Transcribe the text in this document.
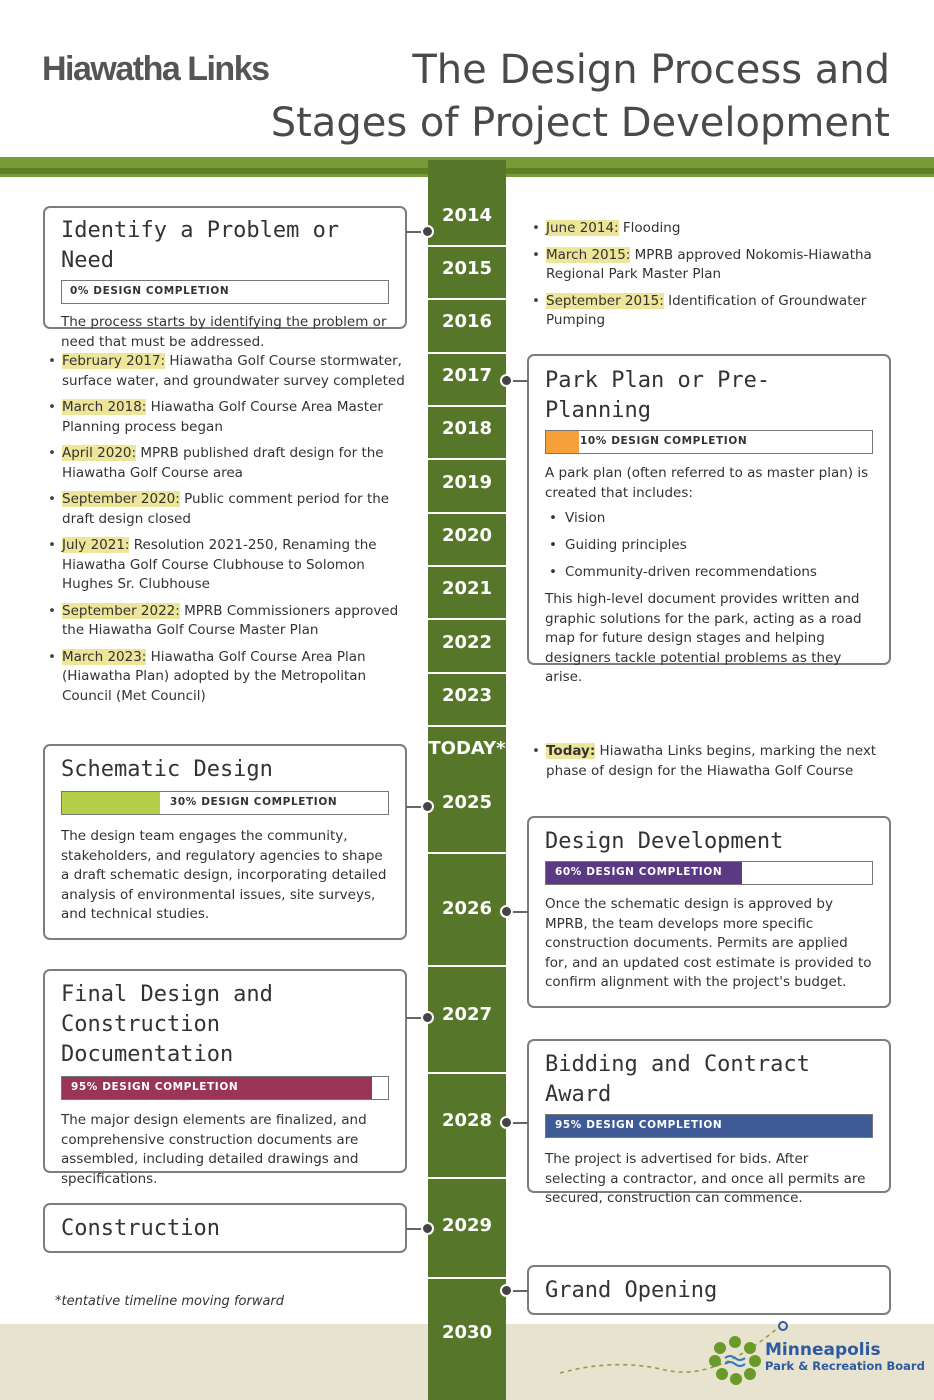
Hiawatha Links	The Design Process and
Stages of Project Development
2014
2015
2016
2017
2018
2019
2020
2021
2022
2023
TODAY*
2025
2026
2027
2028
2029
2030
Identify a Problem or Need
0% DESIGN COMPLETION

The process starts by identifying the problem or need that must be addressed.

• June 2014: Flooding
• March 2015: MPRB approved Nokomis-Hiawatha Regional Park Master Plan
• September 2015: Identification of Groundwater Pumping
• February 2017: Hiawatha Golf Course stormwater, surface water, and groundwater survey completed
• March 2018: Hiawatha Golf Course Area Master Planning process began
• April 2020: MPRB published draft design for the Hiawatha Golf Course area
• September 2020: Public comment period for the draft design closed
• July 2021: Resolution 2021-250, Renaming the Hiawatha Golf Course Clubhouse to Solomon Hughes Sr. Clubhouse
• September 2022: MPRB Commissioners approved the Hiawatha Golf Course Master Plan
• March 2023: Hiawatha Golf Course Area Plan (Hiawatha Plan) adopted by the Metropolitan Council (Met Council)
Park Plan or Pre-Planning
10% DESIGN COMPLETION

A park plan (often referred to as master plan) is created that includes:

• Vision
• Guiding principles
• Community-driven recommendations

This high-level document provides written and graphic solutions for the park, acting as a road map for future design stages and helping designers tackle potential problems as they arise.

• Today: Hiawatha Links begins, marking the next phase of design for the Hiawatha Golf Course
Schematic Design
30% DESIGN COMPLETION

The design team engages the community, stakeholders, and regulatory agencies to shape a draft schematic design, incorporating detailed analysis of environmental issues, site surveys, and technical studies.

Design Development
60% DESIGN COMPLETION

Once the schematic design is approved by MPRB, the team develops more specific construction documents. Permits are applied for, and an updated cost estimate is provided to confirm alignment with the project's budget.

Final Design and Construction
Documentation
95% DESIGN COMPLETION

The major design elements are finalized, and comprehensive construction documents are assembled, including detailed drawings and specifications.

Bidding and Contract Award
95% DESIGN COMPLETION

The project is advertised for bids. After selecting a contractor, and once all permits are secured, construction can commence.

Construction
Grand Opening
*tentative timeline moving forward
Minneapolis
Park & Recreation Board
